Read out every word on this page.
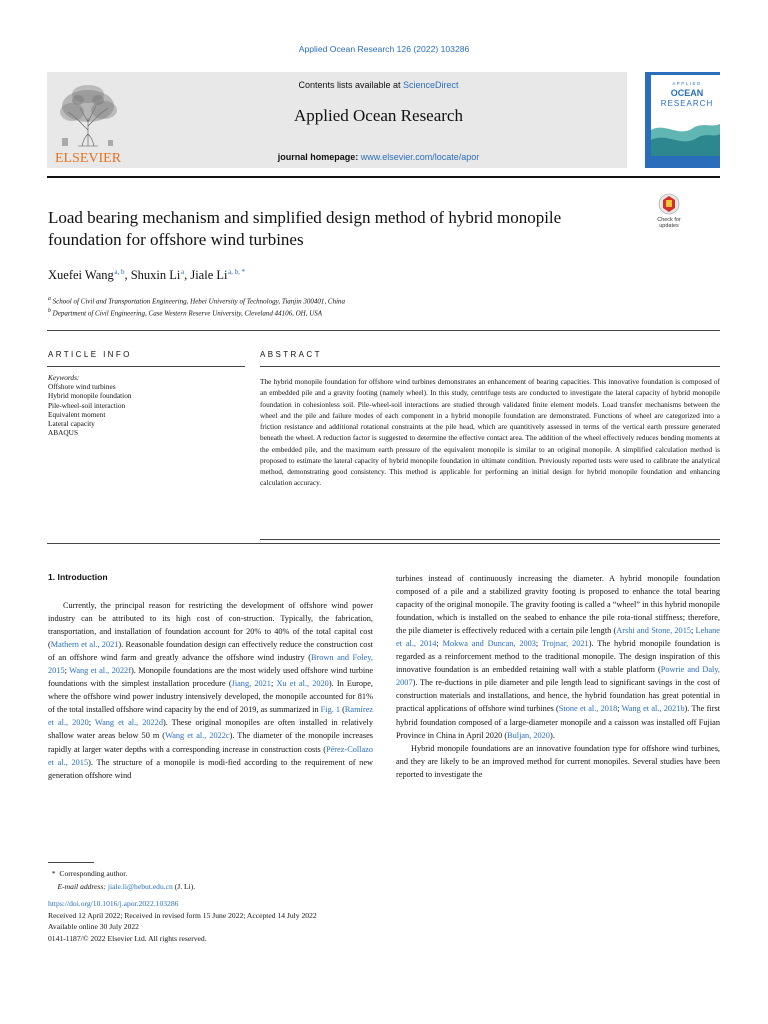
Applied Ocean Research 126 (2022) 103286
ELSEVIER
Contents lists available at ScienceDirect
Applied Ocean Research
journal homepage: www.elsevier.com/locate/apor
APPLIED
OCEAN
RESEARCH
Load bearing mechanism and simplified design method of hybrid monopile foundation for offshore wind turbines
Check for
updates
Xuefei Wang $^{a, b}$, Shuxin Li $^a$, Jiale Li $^{a, b, *}$
$^a$ School of Civil and Transportation Engineering, Hebei University of Technology, Tianjin 300401, China
$^b$ Department of Civil Engineering, Case Western Reserve University, Cleveland 44106, OH, USA
ARTICLE INFO	ABSTRACT
Keywords:
Offshore wind turbines
Hybrid monopile foundation
Pile-wheel-soil interaction
Equivalent moment
Lateral capacity
ABAQUS
The hybrid monopile foundation for offshore wind turbines demonstrates an enhancement of bearing capacities. This innovative foundation is composed of an embedded pile and a gravity footing (namely wheel). In this study, centrifuge tests are conducted to investigate the lateral capacity of hybrid monopile foundation in cohesionless soil. Pile-wheel-soil interactions are studied through validated finite element models. Load transfer mechanisms between the wheel and the pile and failure modes of each component in a hybrid monopile foundation are demonstrated. Functions of wheel are categorized into a friction resistance and additional rotational constraints at the pile head, which are quantitively assessed in terms of the vertical earth pressure generated beneath the wheel. A reduction factor is suggested to determine the effective contact area. The addition of the wheel effectively reduces bending moments at the embedded pile, and the maximum earth pressure of the equivalent monopile is similar to an original monopile. A simplified calculation method is proposed to estimate the lateral capacity of hybrid monopile foundation in ultimate condition. Previously reported tests were used to calibrate the analytical method, demonstrating good consistency. This method is applicable for performing an initial design for hybrid monopile foundation and enhancing calculation accuracy.
1. Introduction

Currently, the principal reason for restricting the development of offshore wind power industry can be attributed to its high cost of con-struction. Typically, the fabrication, transportation, and installation of foundation account for 20% to 40% of the total capital cost (Mathern et al., 2021). Reasonable foundation design can effectively reduce the construction cost of an offshore wind farm and greatly advance the offshore wind industry (Brown and Foley, 2015; Wang et al., 2022f). Monopile foundations are the most widely used offshore wind turbine foundations with the simplest installation procedure (Jiang, 2021; Xu et al., 2020). In Europe, where the offshore wind power industry intensively developed, the monopile accounted for 81% of the total installed offshore wind capacity by the end of 2019, as summarized in Fig. 1 (Ramírez et al., 2020; Wang et al., 2022d). These original monopiles are often installed in relatively shallow water areas below 50 m (Wang et al., 2022c). The diameter of the monopile increases rapidly at larger water depths with a corresponding increase in construction costs (Pérez-Collazo et al., 2015). The structure of a monopile is modi-fied according to the requirement of new generation offshore wind

turbines instead of continuously increasing the diameter. A hybrid monopile foundation composed of a pile and a stabilized gravity footing is proposed to enhance the total bearing capacity of the original monopile. The gravity footing is called a “wheel” in this hybrid monopile foundation, which is installed on the seabed to enhance the pile rota-tional stiffness; therefore, the pile diameter is effectively reduced with a certain pile length (Arshi and Stone, 2015; Lehane et al., 2014; Mokwa and Duncan, 2003; Trojnar, 2021). The hybrid monopile foundation is regarded as a reinforcement method to the traditional monopile. The design inspiration of this innovative foundation is an embedded retaining wall with a stable platform (Powrie and Daly, 2007). The re-ductions in pile diameter and pile length lead to significant savings in the cost of construction materials and installations, and hence, the hybrid foundation has great potential in practical applications of offshore wind turbines (Stone et al., 2018; Wang et al., 2021b). The first hybrid foundation composed of a large-diameter monopile and a caisson was installed off Fujian Province in China in April 2020 (Buljan, 2020).

Hybrid monopile foundations are an innovative foundation type for offshore wind turbines, and they are likely to be an improved method for current monopiles. Several studies have been reported to investigate the

*  Corresponding author.
E-mail address: jiale.li@hebut.edu.cn (J. Li).
https://doi.org/10.1016/j.apor.2022.103286
Received 12 April 2022; Received in revised form 15 June 2022; Accepted 14 July 2022
Available online 30 July 2022
0141-1187/© 2022 Elsevier Ltd. All rights reserved.
